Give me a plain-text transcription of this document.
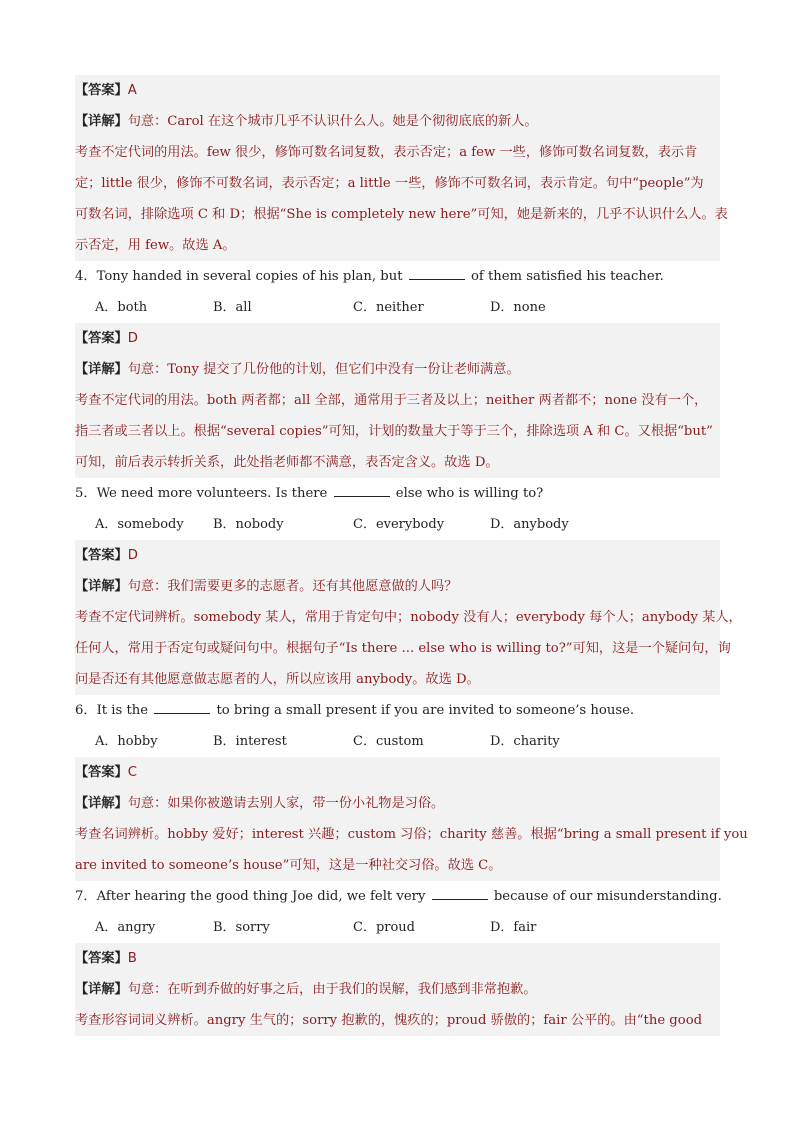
【答案】A
【详解】句意：Carol 在这个城市几乎不认识什么人。她是个彻彻底底的新人。
考查不定代词的用法。few 很少，修饰可数名词复数，表示否定；a few 一些，修饰可数名词复数，表示肯
定；little 很少，修饰不可数名词，表示否定；a little 一些，修饰不可数名词，表示肯定。句中“people”为
可数名词，排除选项 C 和 D；根据“She is completely new here”可知，她是新来的，几乎不认识什么人。表
示否定，用 few。故选 A。
4．Tony handed in several copies of his plan, but	of them satisfied his teacher.
A．both	B．all	C．neither	D．none
【答案】D
【详解】句意：Tony 提交了几份他的计划，但它们中没有一份让老师满意。
考查不定代词的用法。both 两者都；all 全部，通常用于三者及以上；neither 两者都不；none 没有一个，
指三者或三者以上。根据“several copies”可知，计划的数量大于等于三个，排除选项 A 和 C。又根据“but”
可知，前后表示转折关系，此处指老师都不满意，表否定含义。故选 D。
5．We need more volunteers. Is there	else who is willing to?
A．somebody B．nobody	C．everybody	D．anybody
【答案】D
【详解】句意：我们需要更多的志愿者。还有其他愿意做的人吗？
考查不定代词辨析。somebody 某人，常用于肯定句中；nobody 没有人；everybody 每个人；anybody 某人，
任何人，常用于否定句或疑问句中。根据句子“Is there ... else who is willing to?”可知，这是一个疑问句，询
问是否还有其他愿意做志愿者的人，所以应该用 anybody。故选 D。
6．It is the	to bring a small present if you are invited to someone’s house.
A．hobby	B．interest	C．custom	D．charity
【答案】C
【详解】句意：如果你被邀请去别人家，带一份小礼物是习俗。
考查名词辨析。hobby 爱好；interest 兴趣；custom 习俗；charity 慈善。根据“bring a small present if you
are invited to someone’s house”可知，这是一种社交习俗。故选 C。
7．After hearing the good thing Joe did, we felt very	because of our misunderstanding.
A．angry	B．sorry	C．proud	D．fair
【答案】B
【详解】句意：在听到乔做的好事之后，由于我们的误解，我们感到非常抱歉。
考查形容词词义辨析。angry 生气的；sorry 抱歉的，愧疚的；proud 骄傲的；fair 公平的。由“the good
